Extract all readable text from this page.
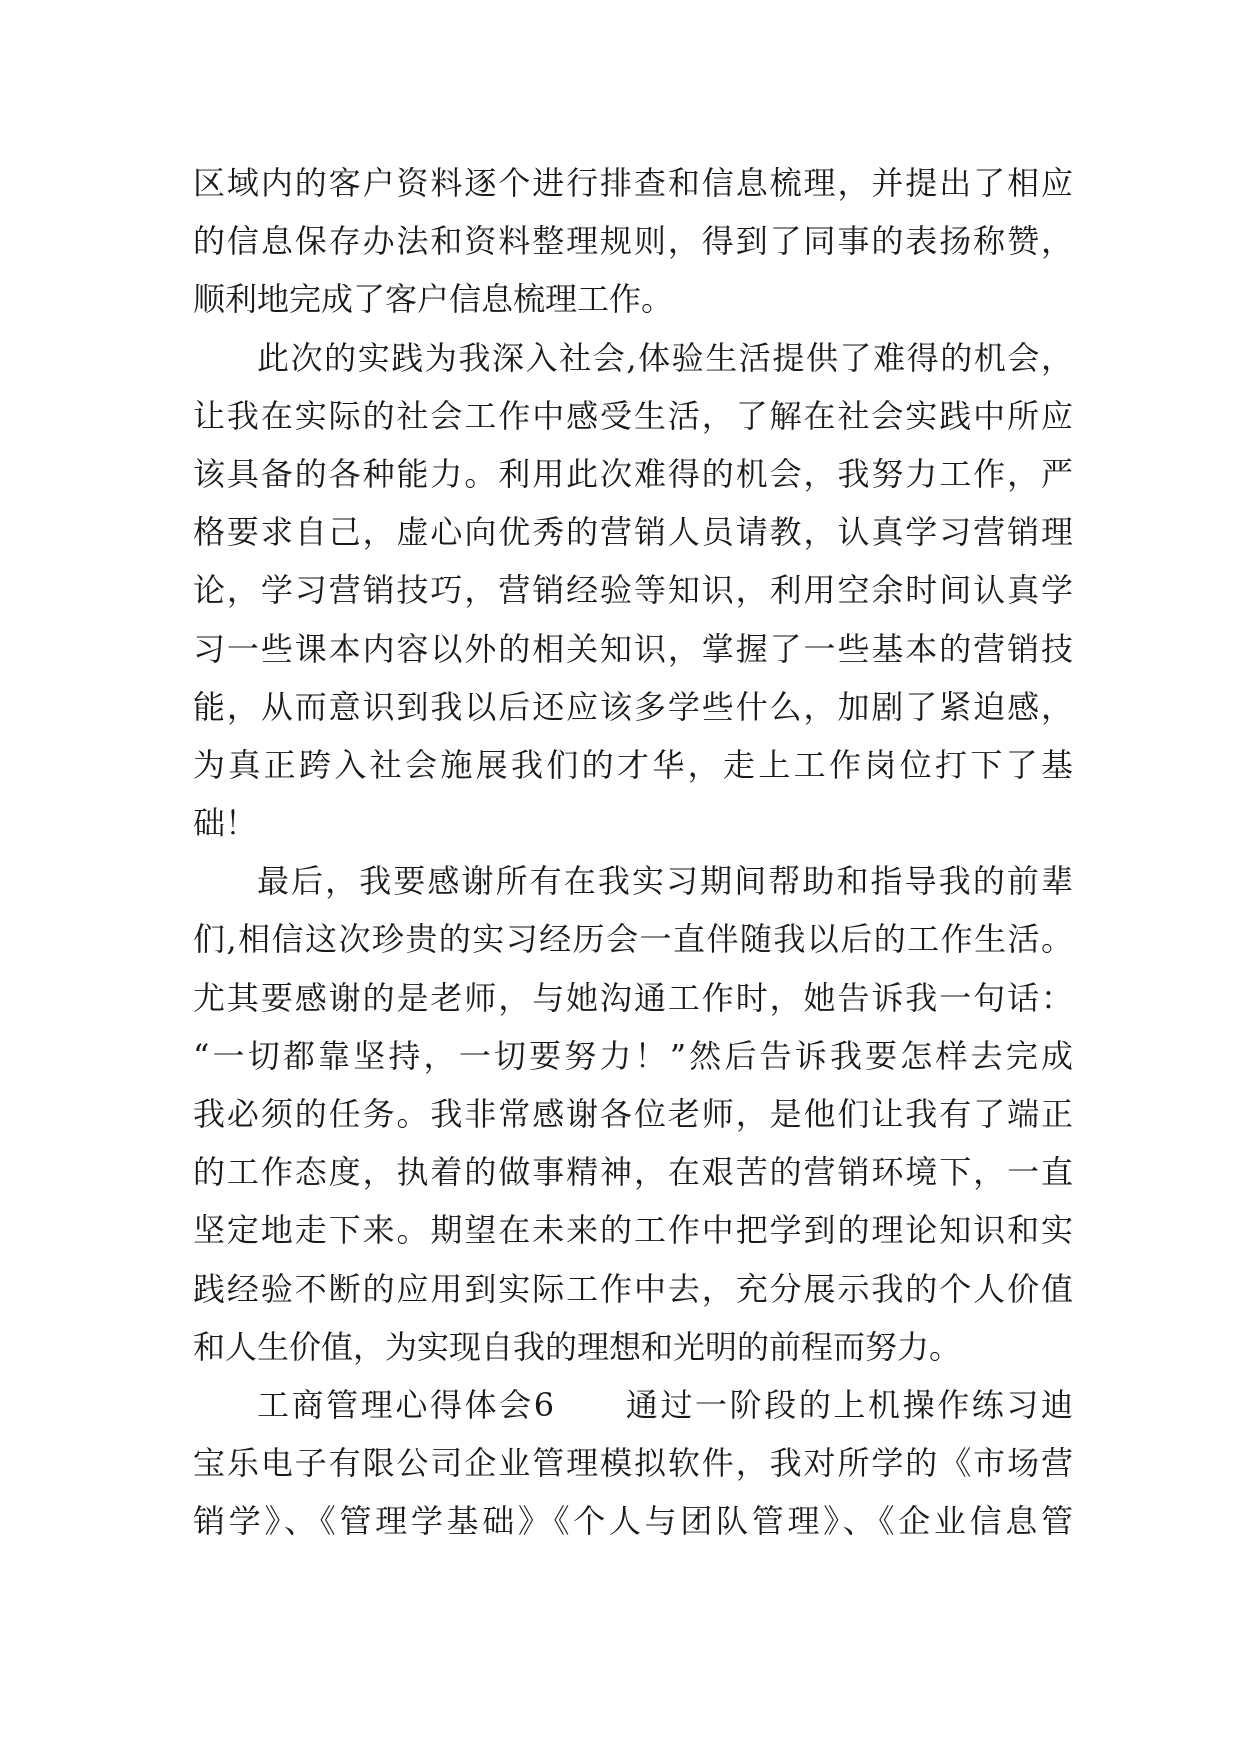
区域内的客户资料逐个进行排查和信息梳理，并提出了相应
的信息保存办法和资料整理规则，得到了同事的表扬称赞，
顺利地完成了客户信息梳理工作。
此次的实践为我深入社会,体验生活提供了难得的机会，
让我在实际的社会工作中感受生活，了解在社会实践中所应
该具备的各种能力。利用此次难得的机会，我努力工作，严
格要求自己，虚心向优秀的营销人员请教，认真学习营销理
论，学习营销技巧，营销经验等知识，利用空余时间认真学
习一些课本内容以外的相关知识，掌握了一些基本的营销技
能，从而意识到我以后还应该多学些什么，加剧了紧迫感，
为真正跨入社会施展我们的才华，走上工作岗位打下了基
础！
最后，我要感谢所有在我实习期间帮助和指导我的前辈
们,相信这次珍贵的实习经历会一直伴随我以后的工作生活。
尤其要感谢的是老师，与她沟通工作时，她告诉我一句话：
“一切都靠坚持，一切要努力！”然后告诉我要怎样去完成
我必须的任务。我非常感谢各位老师，是他们让我有了端正
的工作态度，执着的做事精神，在艰苦的营销环境下，一直
坚定地走下来。期望在未来的工作中把学到的理论知识和实
践经验不断的应用到实际工作中去，充分展示我的个人价值
和人生价值，为实现自我的理想和光明的前程而努力。
工商管理心得体会6　　通过一阶段的上机操作练习迪
宝乐电子有限公司企业管理模拟软件，我对所学的《市场营
销学》、《管理学基础》《个人与团队管理》、《企业信息管
